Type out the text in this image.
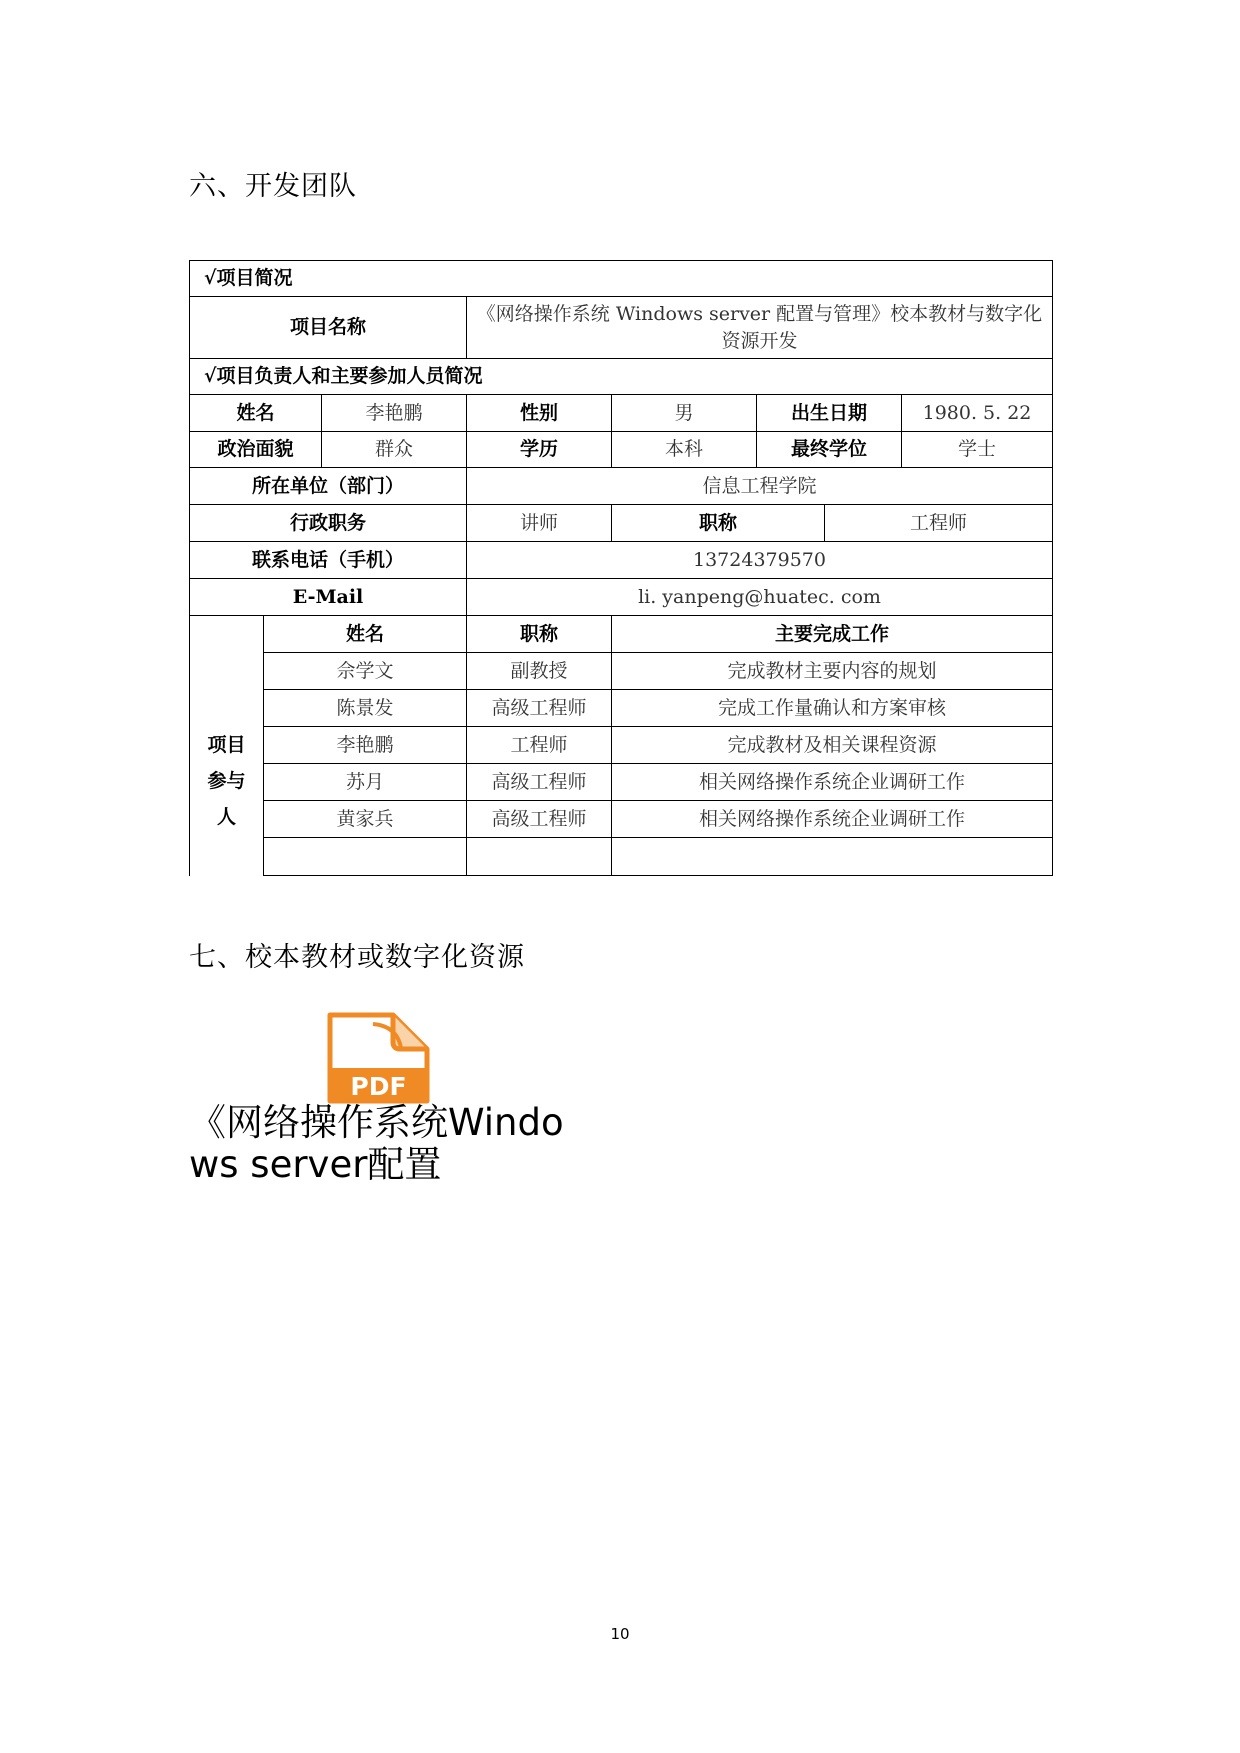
六、开发团队
√项目简况							
项目名称			《网络操作系统 Windows server 配置与管理》校本教材与数字化资源开发				
√项目负责人和主要参加人员简况							
姓名		李艳鹏	性别	男	出生日期		1980. 5. 22
政治面貌		群众	学历	本科	最终学位		学士
所在单位（部门）			信息工程学院				
行政职务			讲师	职称		工程师	
联系电话（手机）			13724379570				
E-Mail			li. yanpeng@huatec. com				
项目
参与
人	姓名		职称	主要完成工作			
	佘学文		副教授	完成教材主要内容的规划			
	陈景发		高级工程师	完成工作量确认和方案审核			
	李艳鹏		工程师	完成教材及相关课程资源			
	苏月		高级工程师	相关网络操作系统企业调研工作			
	黄家兵		高级工程师	相关网络操作系统企业调研工作			

七、校本教材或数字化资源
PDF

《网络操作系统Windows server配置

10
